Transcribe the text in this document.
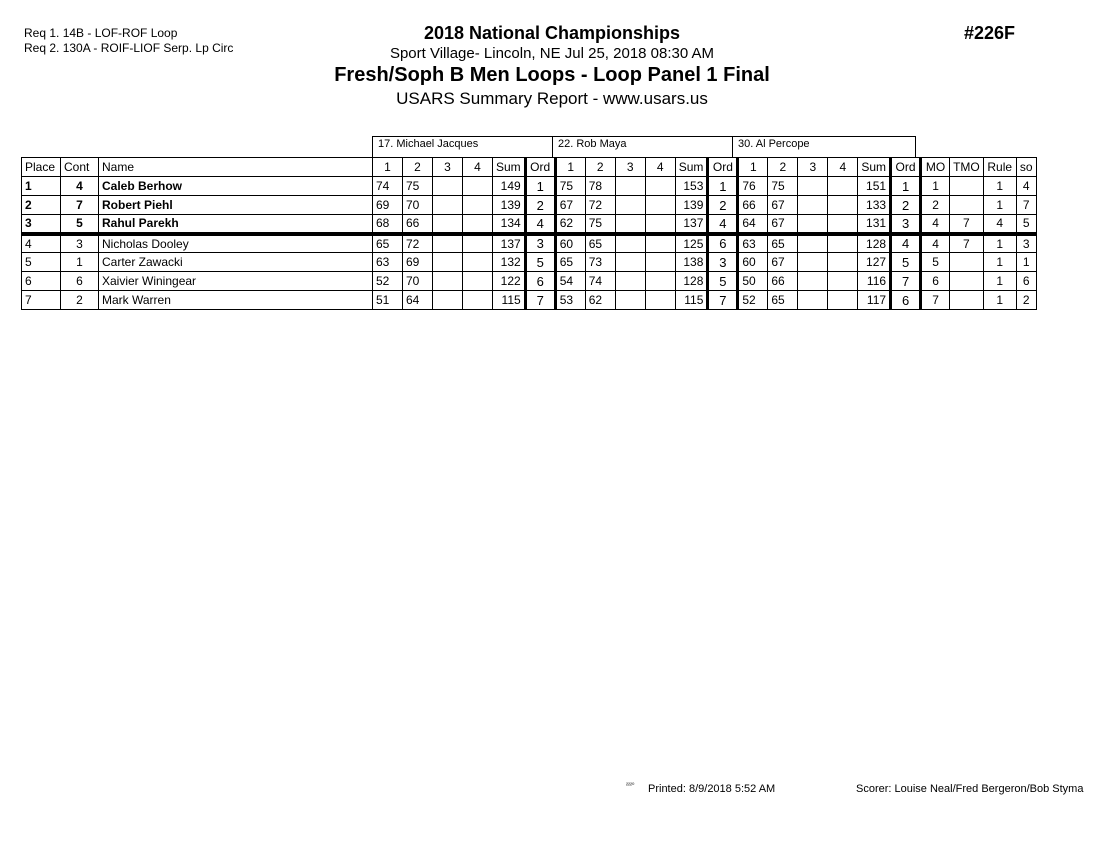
Req 1. 14B - LOF-ROF Loop
Req 2. 130A - ROIF-LIOF Serp. Lp Circ
2018 National Championships
Sport Village- Lincoln, NE Jul 25, 2018 08:30 AM
Fresh/Soph B Men Loops - Loop Panel 1 Final
USARS Summary Report - www.usars.us
#226F
17. Michael Jacques	22. Rob Maya	30. Al Percope
Place	Cont	Name	1	2	3	4	Sum	Ord	1	2	3	4	Sum	Ord	1	2	3	4	Sum	Ord	MO	TMO	Rule	so
1	4	Caleb Berhow	74	75			149	1	75	78			153	1	76	75			151	1	1		1	4
2	7	Robert Piehl	69	70			139	2	67	72			139	2	66	67			133	2	2		1	7
3	5	Rahul Parekh	68	66			134	4	62	75			137	4	64	67			131	3	4	7	4	5
4	3	Nicholas Dooley	65	72			137	3	60	65			125	6	63	65			128	4	4	7	1	3
5	1	Carter Zawacki	63	69			132	5	65	73			138	3	60	67			127	5	5		1	1
6	6	Xaivier Winingear	52	70			122	6	54	74			128	5	50	66			116	7	6		1	6
7	2	Mark Warren	51	64			115	7	53	62			115	7	52	65			117	6	7		1	2
²²²⁰ Printed: 8/9/2018 5:52 AM	Scorer: Louise Neal/Fred Bergeron/Bob Styma
